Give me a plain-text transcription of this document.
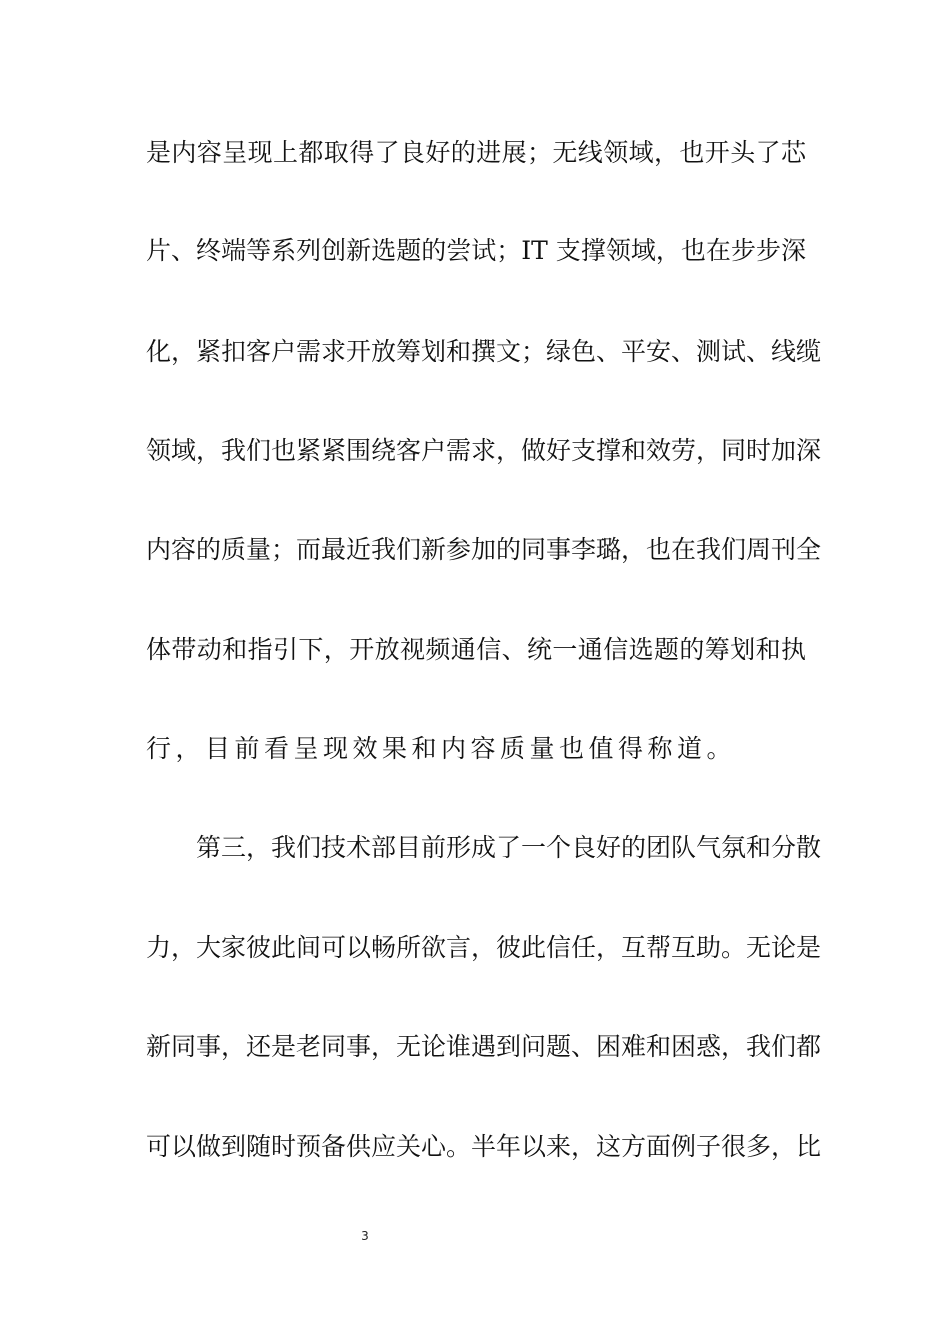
是内容呈现上都取得了良好的进展；无线领域，也开头了芯
片、终端等系列创新选题的尝试；IT 支撑领域，也在步步深
化，紧扣客户需求开放筹划和撰文；绿色、平安、测试、线缆
领域，我们也紧紧围绕客户需求，做好支撑和效劳，同时加深
内容的质量；而最近我们新参加的同事李璐，也在我们周刊全
体带动和指引下，开放视频通信、统一通信选题的筹划和执
行，目前看呈现效果和内容质量也值得称道。
第三，我们技术部目前形成了一个良好的团队气氛和分散
力，大家彼此间可以畅所欲言，彼此信任，互帮互助。无论是
新同事，还是老同事，无论谁遇到问题、困难和困惑，我们都
可以做到随时预备供应关心。半年以来，这方面例子很多，比
3
